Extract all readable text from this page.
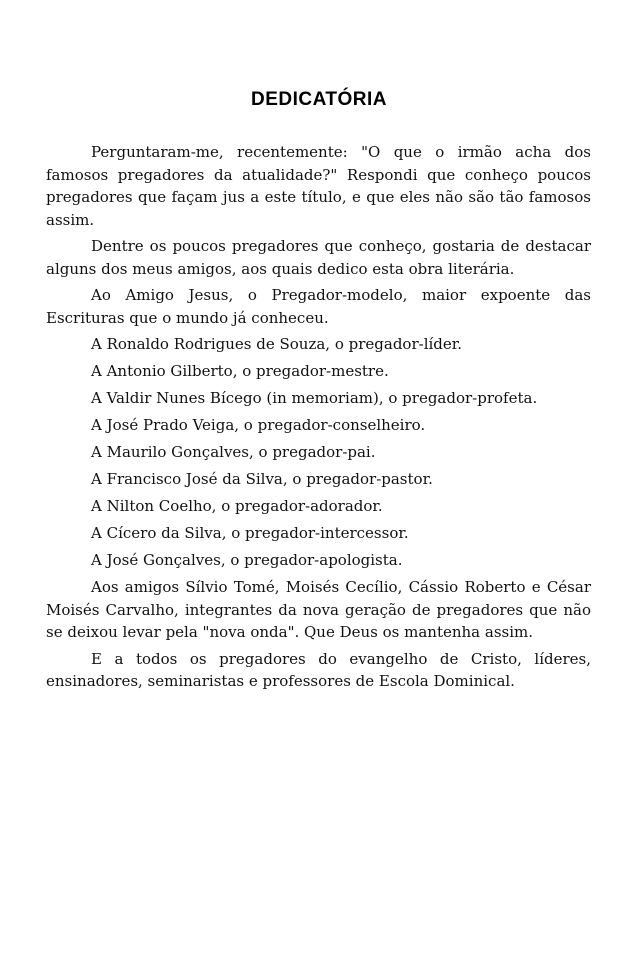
DEDICATÓRIA

Perguntaram-me, recentemente: "O que o irmão acha dos famosos pregadores da atualidade?" Respondi que conheço poucos pregadores que façam jus a este título, e que eles não são tão famosos assim.

Dentre os poucos pregadores que conheço, gostaria de destacar alguns dos meus amigos, aos quais dedico esta obra literária.

Ao Amigo Jesus, o Pregador-modelo, maior expoente das Escrituras que o mundo já conheceu.

A Ronaldo Rodrigues de Souza, o pregador-líder.

A Antonio Gilberto, o pregador-mestre.

A Valdir Nunes Bícego (in memoriam), o pregador-profeta.

A José Prado Veiga, o pregador-conselheiro.

A Maurilo Gonçalves, o pregador-pai.

A Francisco José da Silva, o pregador-pastor.

A Nilton Coelho, o pregador-adorador.

A Cícero da Silva, o pregador-intercessor.

A José Gonçalves, o pregador-apologista.

Aos amigos Sílvio Tomé, Moisés Cecílio, Cássio Roberto e César Moisés Carvalho, integrantes da nova geração de pregadores que não se deixou levar pela "nova onda". Que Deus os mantenha assim.

E a todos os pregadores do evangelho de Cristo, líderes, ensinadores, seminaristas e professores de Escola Dominical.
